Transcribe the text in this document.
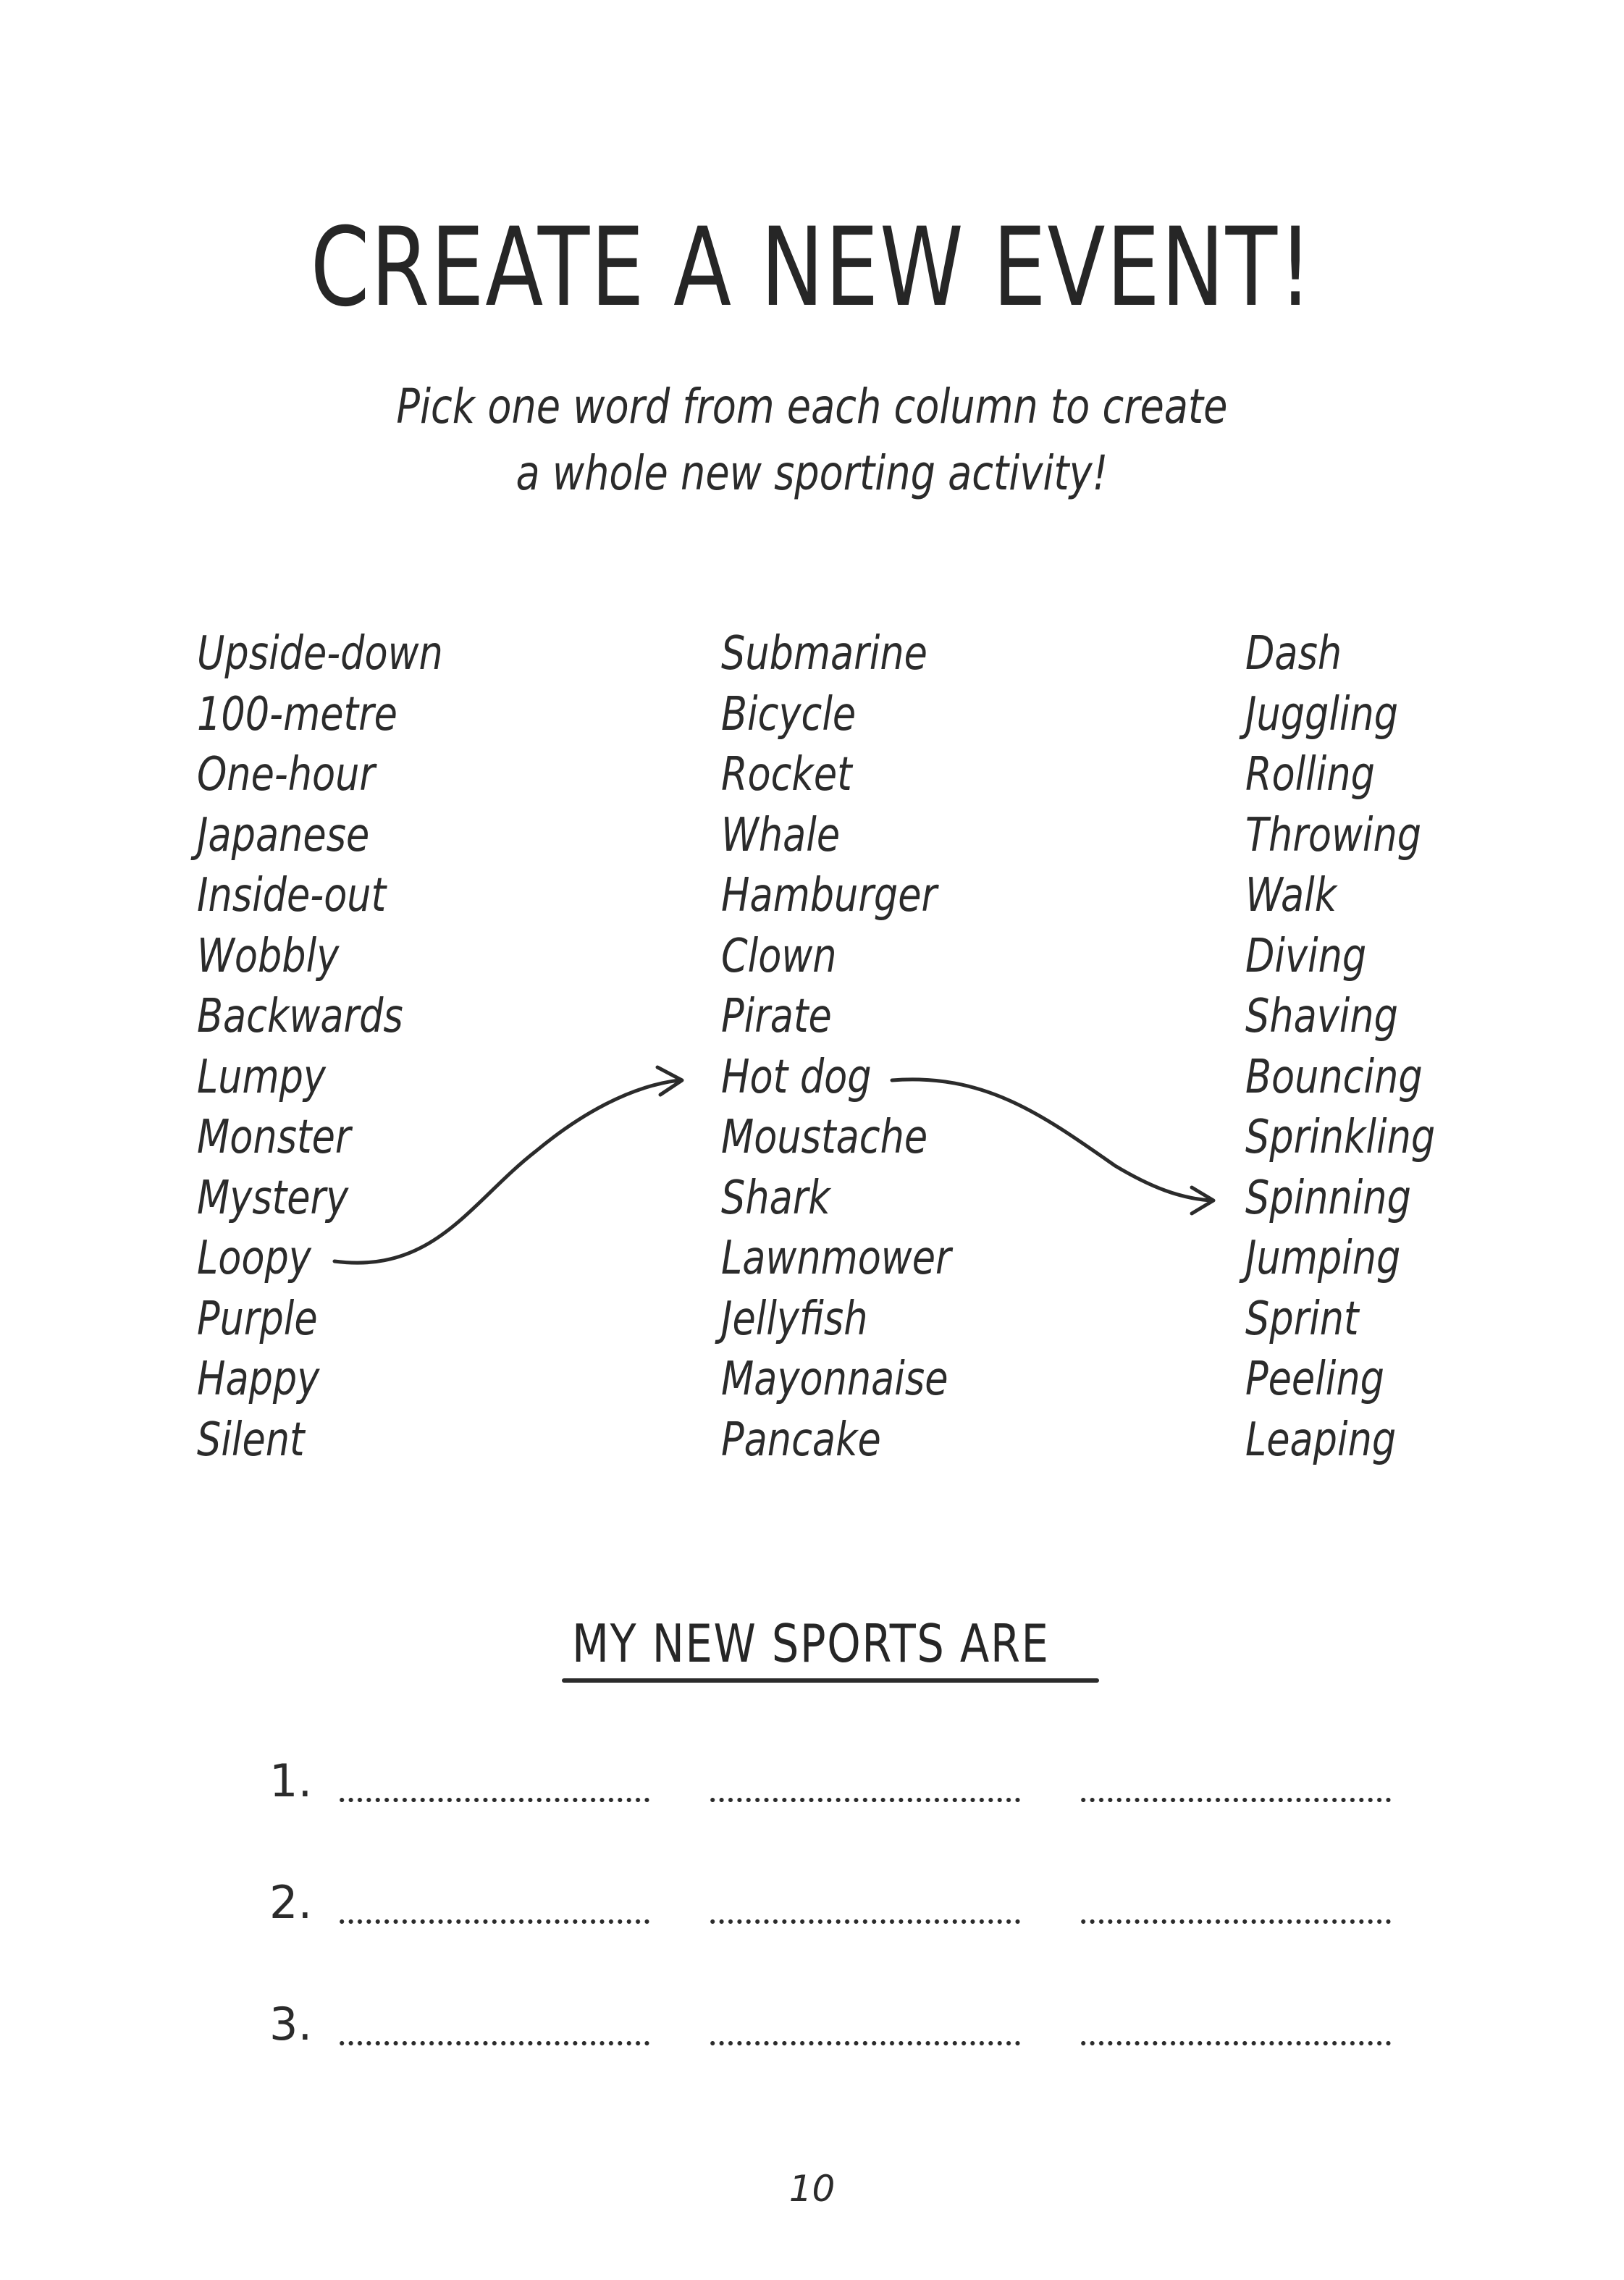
CREATE A NEW EVENT!
Pick one word from each column to create
a whole new sporting activity!
Upside-down
100-metre
One-hour
Japanese
Inside-out
Wobbly
Backwards
Lumpy
Monster
Mystery
Loopy
Purple
Happy
Silent
Submarine
Bicycle
Rocket
Whale
Hamburger
Clown
Pirate
Hot dog
Moustache
Shark
Lawnmower
Jellyfish
Mayonnaise
Pancake
Dash
Juggling
Rolling
Throwing
Walk
Diving
Shaving
Bouncing
Sprinkling
Spinning
Jumping
Sprint
Peeling
Leaping
MY NEW SPORTS ARE
1.
2.
3.
10
